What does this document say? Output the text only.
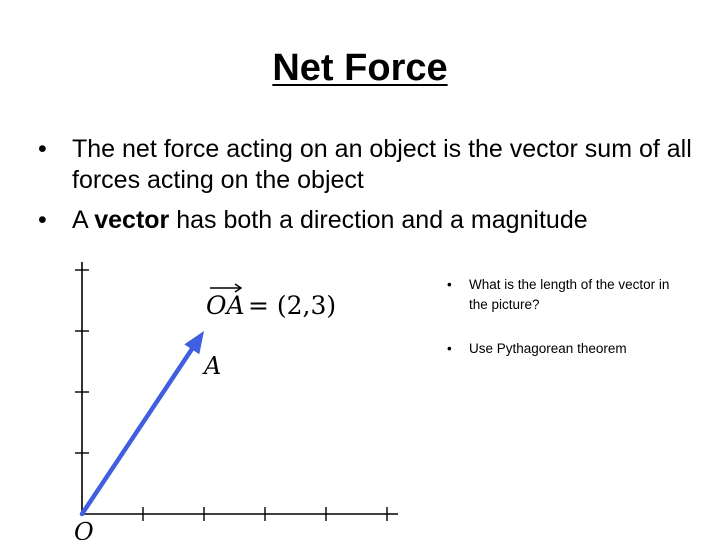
Net Force
• The net force acting on an object is the vector sum of all forces acting on the object
• A vector has both a direction and a magnitude
OA = (2,3)
A
O
• What is the length of the vector in the picture?
• Use Pythagorean theorem
